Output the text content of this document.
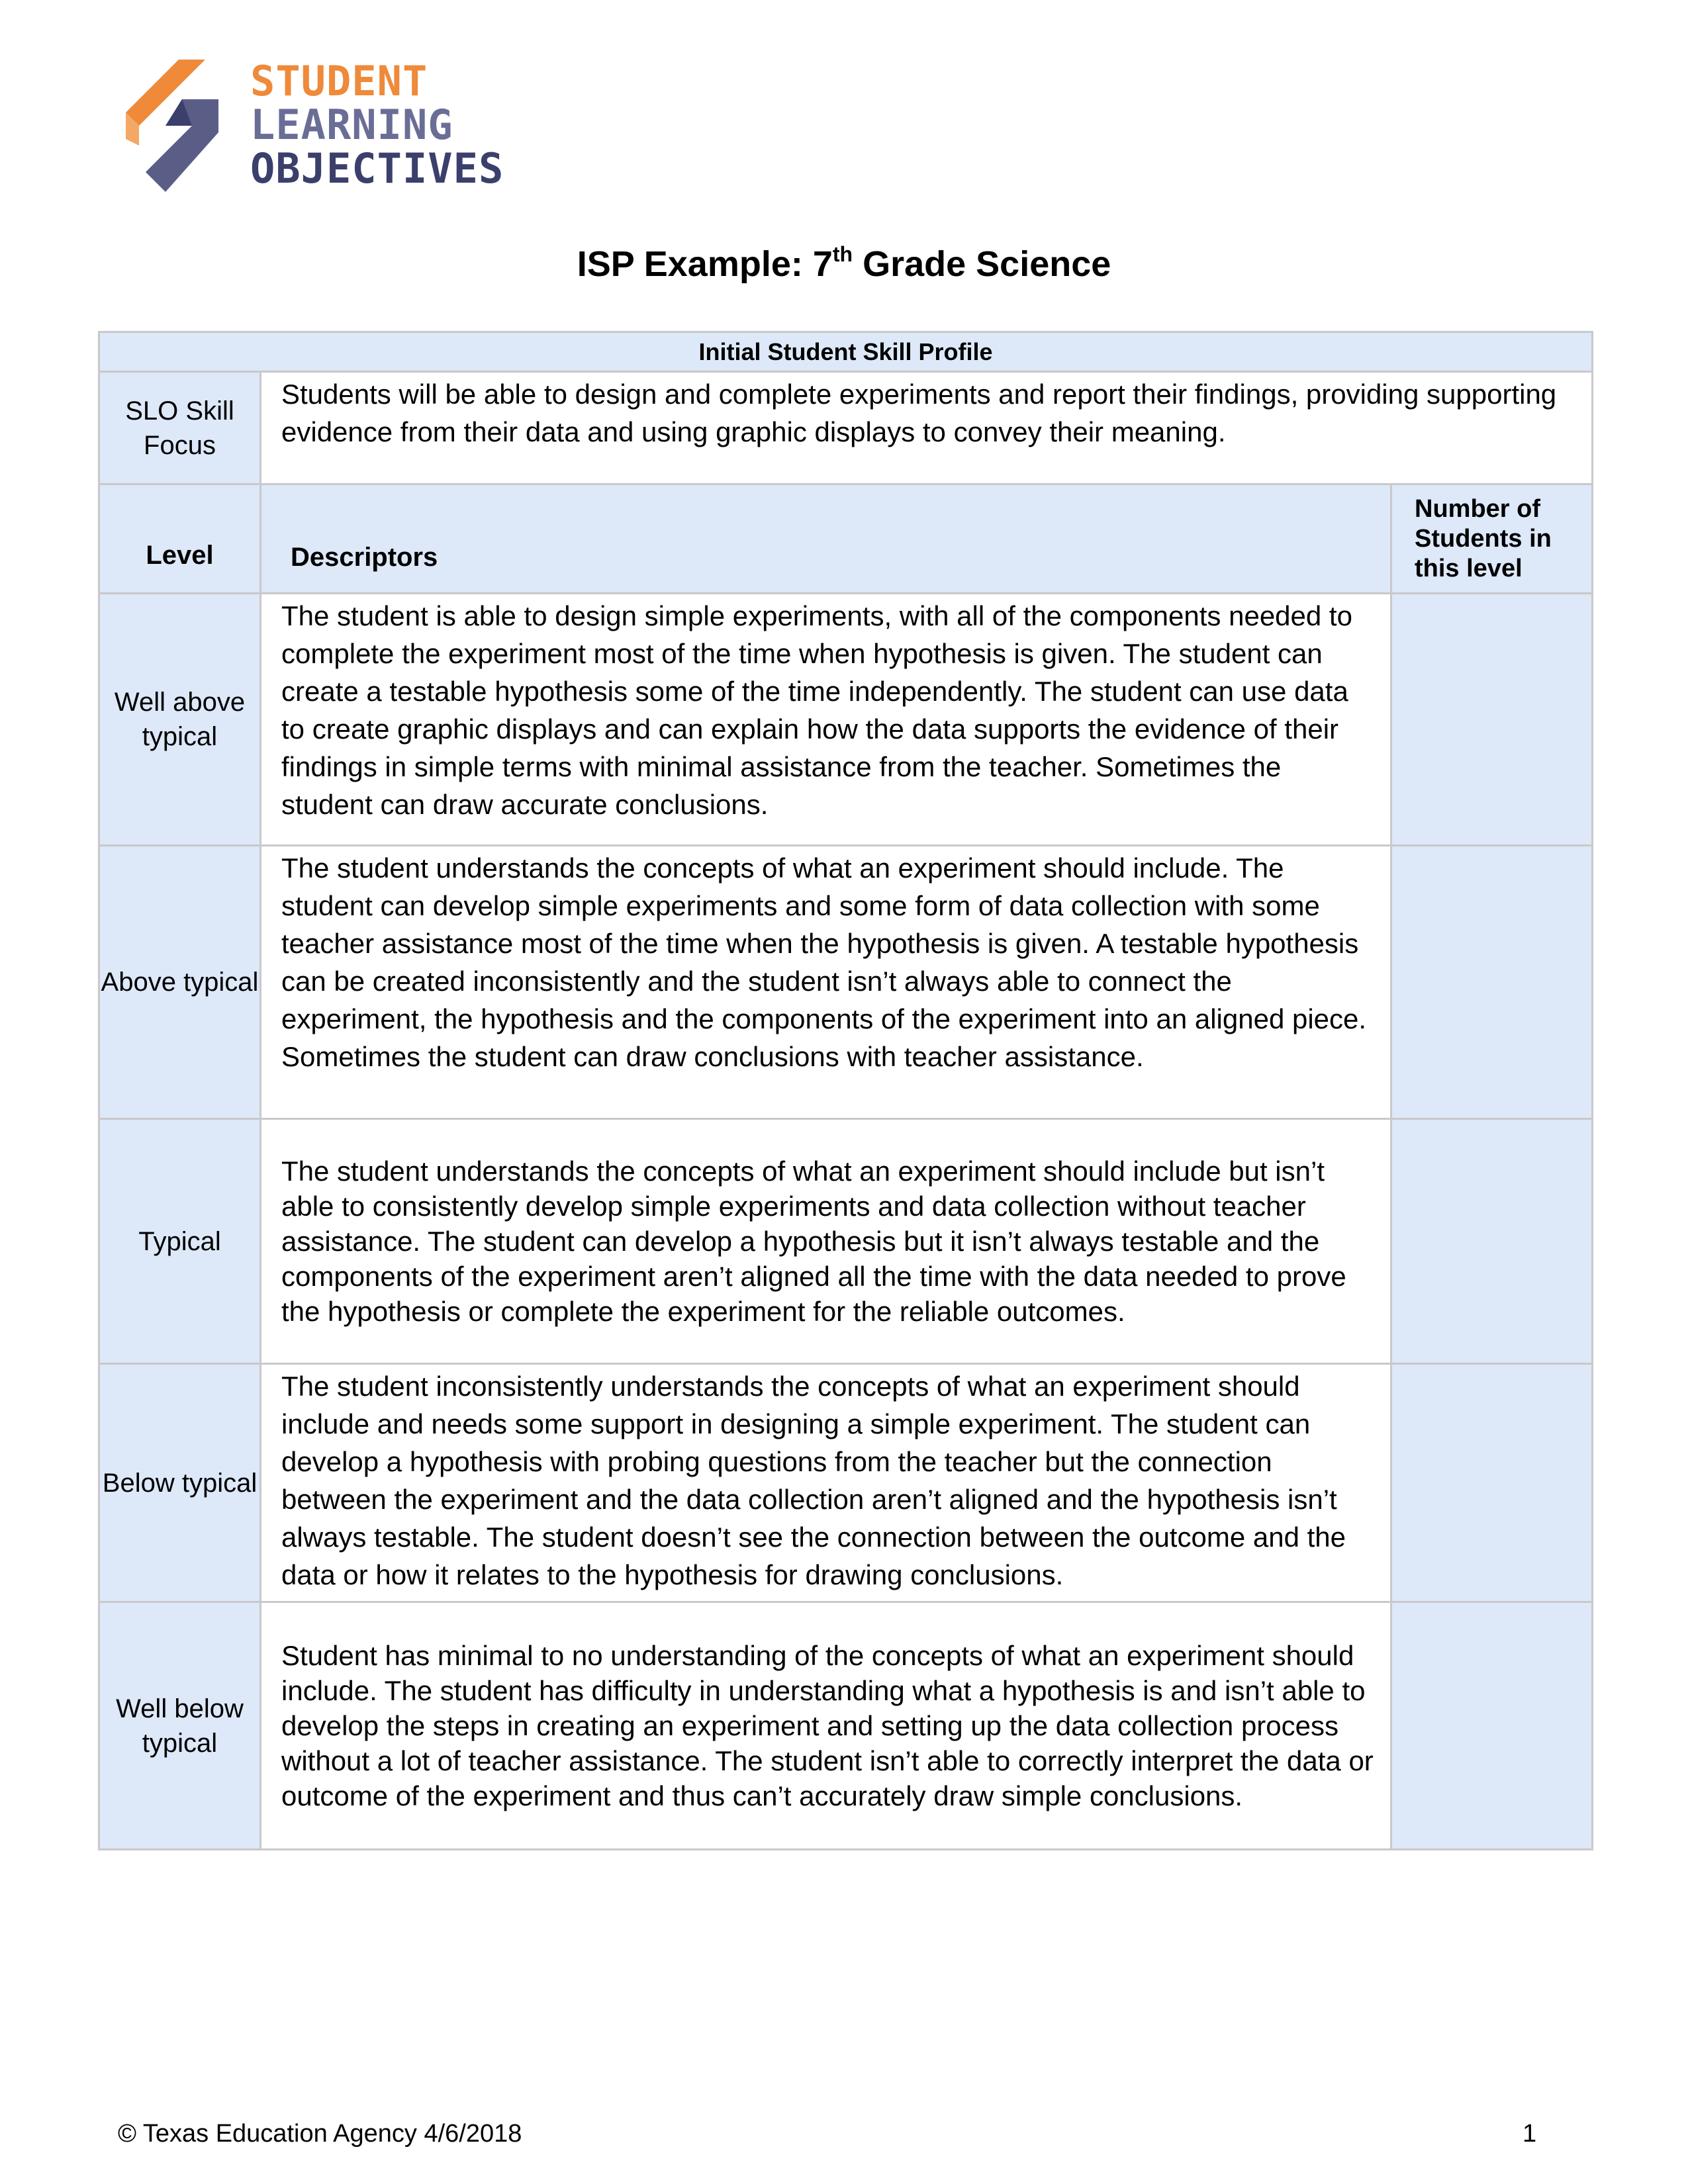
STUDENT
LEARNING
OBJECTIVES
ISP Example: 7th Grade Science
Initial Student Skill Profile		
SLO Skill Focus	Students will be able to design and complete experiments and report their findings, providing supporting evidence from their data and using graphic displays to convey their meaning.	
Level	Descriptors	Number of Students in this level
Well above typical	The student is able to design simple experiments, with all of the components needed to complete the experiment most of the time when hypothesis is given. The student can create a testable hypothesis some of the time independently. The student can use data to create graphic displays and can explain how the data supports the evidence of their findings in simple terms with minimal assistance from the teacher. Sometimes the student can draw accurate conclusions.	

Above typical	The student understands the concepts of what an experiment should include. The student can develop simple experiments and some form of data collection with some teacher assistance most of the time when the hypothesis is given. A testable hypothesis can be created inconsistently and the student isn’t always able to connect the experiment, the hypothesis and the components of the experiment into an aligned piece. Sometimes the student can draw conclusions with teacher assistance.	
Typical	The student understands the concepts of what an experiment should include but isn’t able to consistently develop simple experiments and data collection without teacher assistance. The student can develop a hypothesis but it isn’t always testable and the components of the experiment aren’t aligned all the time with the data needed to prove the hypothesis or complete the experiment for the reliable outcomes.	
Below typical	The student inconsistently understands the concepts of what an experiment should include and needs some support in designing a simple experiment. The student can develop a hypothesis with probing questions from the teacher but the connection between the experiment and the data collection aren’t aligned and the hypothesis isn’t always testable. The student doesn’t see the connection between the outcome and the data or how it relates to the hypothesis for drawing conclusions.	

Well below typical	Student has minimal to no understanding of the concepts of what an experiment should include. The student has difficulty in understanding what a hypothesis is and isn’t able to develop the steps in creating an experiment and setting up the data collection process without a lot of teacher assistance. The student isn’t able to correctly interpret the data or outcome of the experiment and thus can’t accurately draw simple conclusions.	
© Texas Education Agency 4/6/2018	1
